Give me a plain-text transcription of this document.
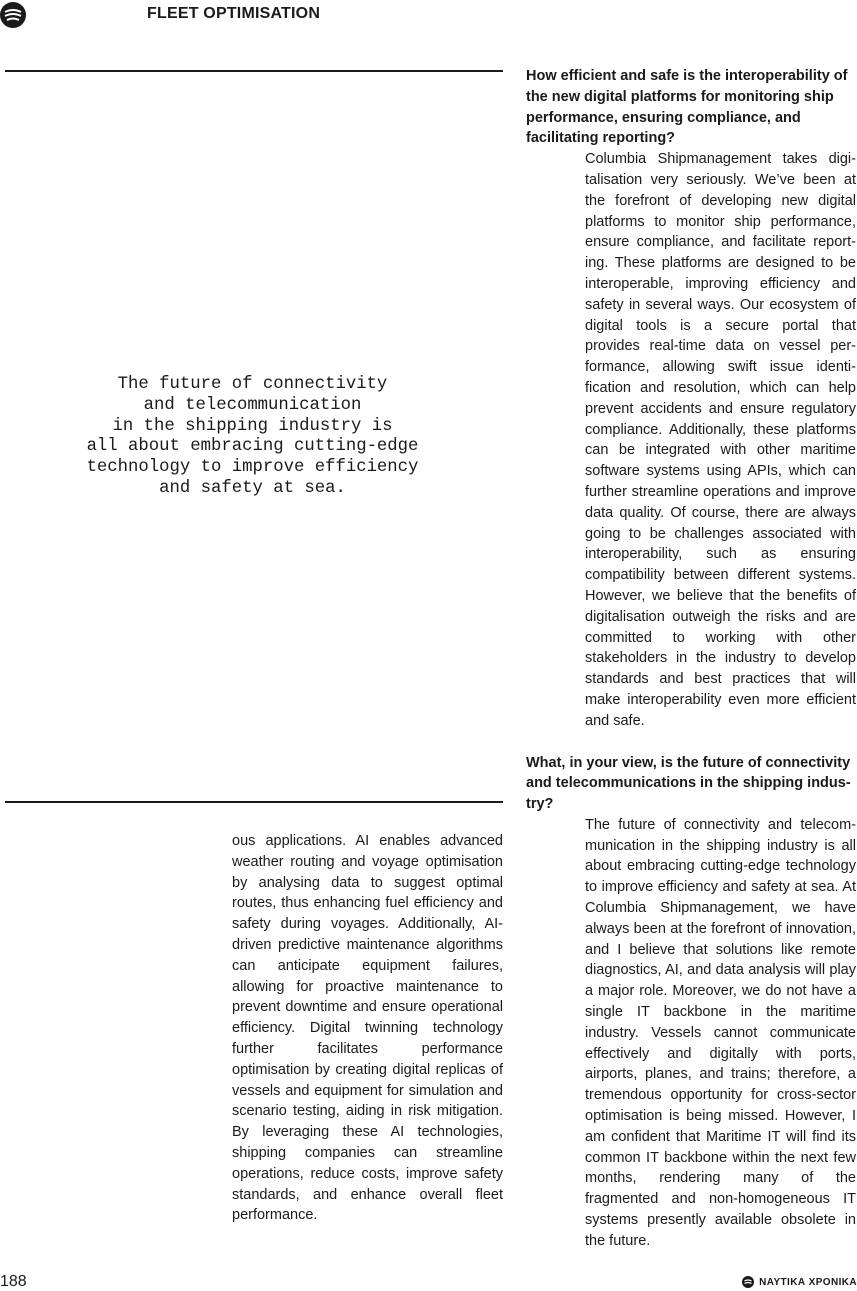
FLEET OPTIMISATION
The future of connectivity
and telecommunication
in the shipping industry is
all about embracing cutting-edge
technology to improve efficiency
and safety at sea.
ous applications. AI enables advanced weather routing and voyage optimisation by analysing data to suggest optimal routes, thus enhancing fuel efficiency and safety during voyages. Additionally, AI-driven predictive maintenance algorithms can anticipate equipment failures, allowing for proactive maintenance to prevent downtime and ensure operational efficiency. Digital twinning technology further facilitates performance optimisation by creating digital replicas of vessels and equipment for simulation and scenario testing, aiding in risk mitigation. By leveraging these AI technologies, shipping companies can streamline operations, reduce costs, improve safety standards, and enhance overall fleet performance.

How efficient and safe is the interoperability of the new digital platforms for monitoring ship performance, ensuring compliance, and facilitating reporting?

Columbia Shipmanagement takes digitalisation very seriously. We’ve been at the forefront of developing new digital platforms to monitor ship performance, ensure compliance, and facilitate reporting. These platforms are designed to be interoperable, improving efficiency and safety in several ways. Our ecosystem of digital tools is a secure portal that provides real-time data on vessel performance, allowing swift issue identification and resolution, which can help prevent accidents and ensure regulatory compliance. Additionally, these platforms can be integrated with other maritime software systems using APIs, which can further streamline operations and improve data quality. Of course, there are always going to be challenges associated with interoperability, such as ensuring compatibility between different systems. However, we believe that the benefits of digitalisation outweigh the risks and are committed to working with other stakeholders in the industry to develop standards and best practices that will make interoperability even more efficient and safe.

What, in your view, is the future of connectivity and telecommunications in the shipping industry?

The future of connectivity and telecommunication in the shipping industry is all about embracing cutting-edge technology to improve efficiency and safety at sea. At Columbia Shipmanagement, we have always been at the forefront of innovation, and I believe that solutions like remote diagnostics, AI, and data analysis will play a major role. Moreover, we do not have a single IT backbone in the maritime industry. Vessels cannot communicate effectively and digitally with ports, airports, planes, and trains; therefore, a tremendous opportunity for cross-sector optimisation is being missed. However, I am confident that Maritime IT will find its common IT backbone within the next few months, rendering many of the fragmented and non-homogeneous IT systems presently available obsolete in the future.

188	ΝΑΥΤΙΚΑ ΧΡΟΝΙΚΑ
